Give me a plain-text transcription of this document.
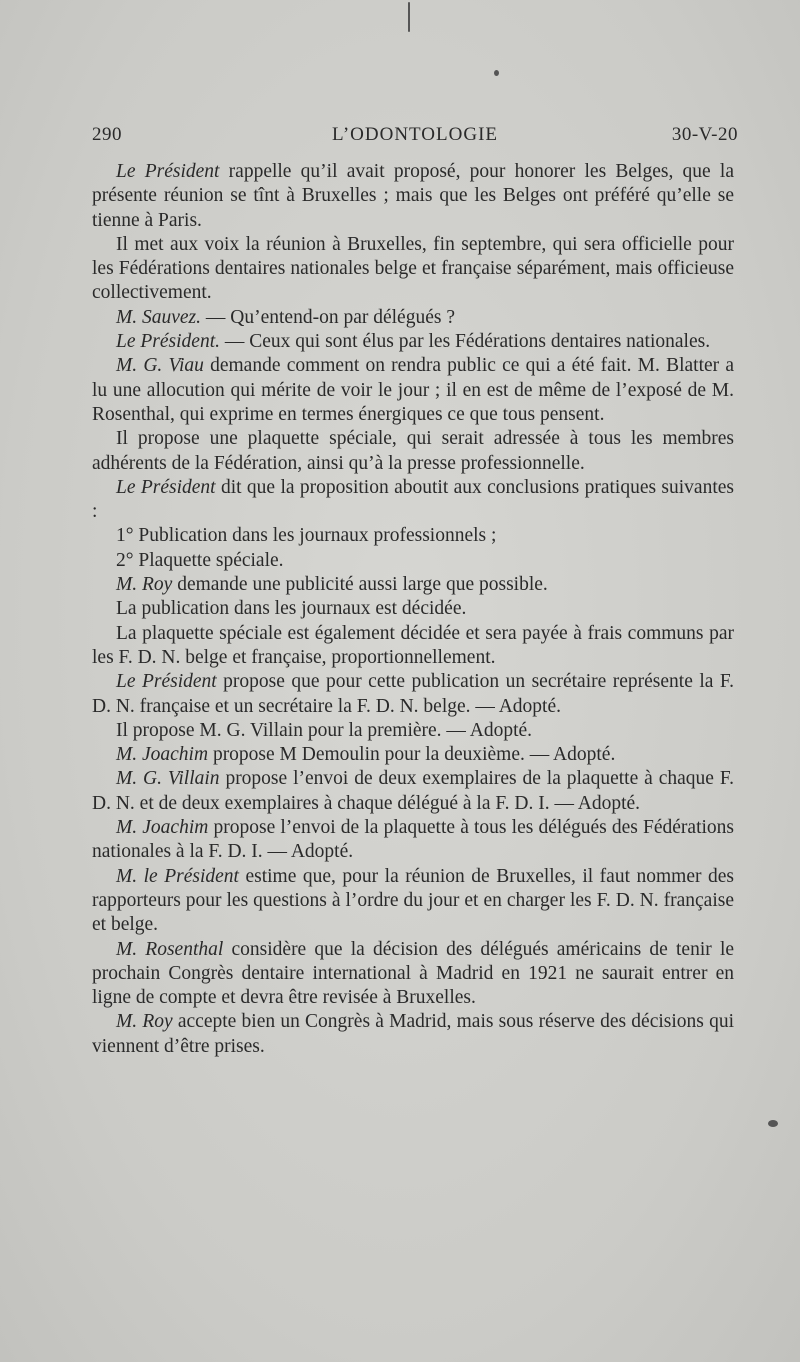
290	L’ODONTOLOGIE	30-V-20

Le Président rappelle qu’il avait proposé, pour honorer les Belges, que la présente réunion se tînt à Bruxelles ; mais que les Belges ont préféré qu’elle se tienne à Paris.

Il met aux voix la réunion à Bruxelles, fin septembre, qui sera officielle pour les Fédérations dentaires nationales belge et française séparément, mais officieuse collectivement.

M. Sauvez. — Qu’entend-on par délégués ?

Le Président. — Ceux qui sont élus par les Fédérations dentaires nationales.

M. G. Viau demande comment on rendra public ce qui a été fait. M. Blatter a lu une allocution qui mérite de voir le jour ; il en est de même de l’exposé de M. Rosenthal, qui exprime en termes énergiques ce que tous pensent.

Il propose une plaquette spéciale, qui serait adressée à tous les membres adhérents de la Fédération, ainsi qu’à la presse professionnelle.

Le Président dit que la proposition aboutit aux conclusions pratiques suivantes :

1° Publication dans les journaux professionnels ;

2° Plaquette spéciale.

M. Roy demande une publicité aussi large que possible.

La publication dans les journaux est décidée.

La plaquette spéciale est également décidée et sera payée à frais communs par les F. D. N. belge et française, proportionnellement.

Le Président propose que pour cette publication un secrétaire représente la F. D. N. française et un secrétaire la F. D. N. belge. — Adopté.

Il propose M. G. Villain pour la première. — Adopté.

M. Joachim propose M Demoulin pour la deuxième. — Adopté.

M. G. Villain propose l’envoi de deux exemplaires de la plaquette à chaque F. D. N. et de deux exemplaires à chaque délégué à la F. D. I. — Adopté.

M. Joachim propose l’envoi de la plaquette à tous les délégués des Fédérations nationales à la F. D. I. — Adopté.

M. le Président estime que, pour la réunion de Bruxelles, il faut nommer des rapporteurs pour les questions à l’ordre du jour et en charger les F. D. N. française et belge.

M. Rosenthal considère que la décision des délégués américains de tenir le prochain Congrès dentaire international à Madrid en 1921 ne saurait entrer en ligne de compte et devra être revisée à Bruxelles.

M. Roy accepte bien un Congrès à Madrid, mais sous réserve des décisions qui viennent d’être prises.
